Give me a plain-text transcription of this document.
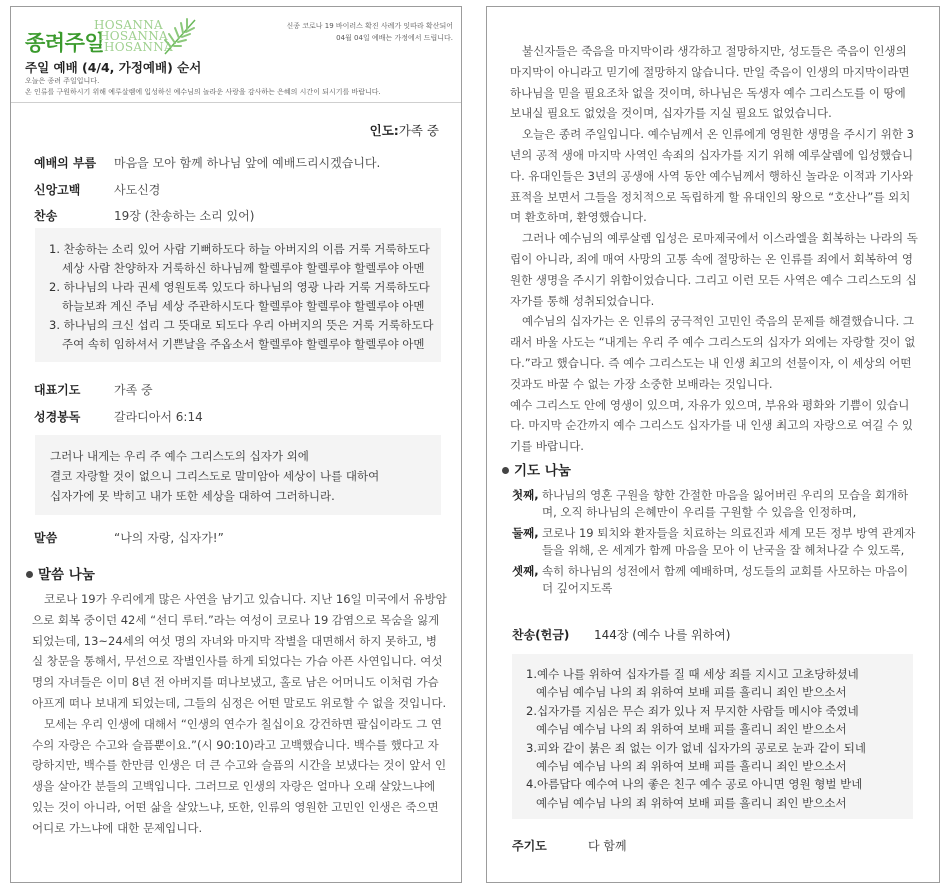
종려주일
HOSANNA
HOSANNA
HOSANNA
신종 코로나 19 바이러스 확진 사례가 잇따라 확산되어
04월 04일 예배는 가정에서 드립니다.
주일 예배 (4/4, 가정예배) 순서
오늘은 종려 주일입니다.
온 인류를 구원하시기 위해 예루살렘에 입성하신 예수님의 놀라운 사랑을 감사하는 은혜의 시간이 되시기를 바랍니다.
인도:가족 중
예배의 부름 마음을 모아 함께 하나님 앞에 예배드리시겠습니다.
신앙고백	사도신경
찬송	19장 (찬송하는 소리 있어)
1. 찬송하는 소리 있어 사람 기뻐하도다 하늘 아버지의 이름 거룩 거룩하도다
세상 사람 찬양하자 거룩하신 하나님께 할렐루야 할렐루야 할렐루야 아멘
2. 하나님의 나라 권세 영원토록 있도다 하나님의 영광 나라 거룩 거룩하도다
하늘보좌 계신 주님 세상 주관하시도다 할렐루야 할렐루야 할렐루야 아멘
3. 하나님의 크신 섭리 그 뜻대로 되도다 우리 아버지의 뜻은 거룩 거룩하도다
주여 속히 임하셔서 기쁜날을 주옵소서 할렐루야 할렐루야 할렐루야 아멘
대표기도	가족 중
성경봉독	갈라디아서 6:14
그러나 내게는 우리 주 예수 그리스도의 십자가 외에
결코 자랑할 것이 없으니 그리스도로 말미암아 세상이 나를 대하여
십자가에 못 박히고 내가 또한 세상을 대하여 그러하니라.
말씀	“나의 자랑, 십자가!”
말씀 나눔

코로나 19가 우리에게 많은 사연을 남기고 있습니다. 지난 16일 미국에서 유방암으로 회복 중이던 42세 “선디 루터.”라는 여성이 코로나 19 감염으로 목숨을 잃게 되었는데, 13~24세의 여섯 명의 자녀와 마지막 작별을 대면해서 하지 못하고, 병실 창문을 통해서, 무선으로 작별인사를 하게 되었다는 가슴 아픈 사연입니다. 여섯 명의 자녀들은 이미 8년 전 아버지를 떠나보냈고, 홀로 남은 어머니도 이처럼 가슴 아프게 떠나 보내게 되었는데, 그들의 심정은 어떤 말로도 위로할 수 없을 것입니다.

모세는 우리 인생에 대해서 “인생의 연수가 칠십이요 강건하면 팔십이라도 그 연수의 자랑은 수고와 슬픔뿐이요.”(시 90:10)라고 고백했습니다. 백수를 했다고 자랑하지만, 백수를 한만큼 인생은 더 큰 수고와 슬픔의 시간을 보냈다는 것이 앞서 인생을 살아간 분들의 고백입니다. 그러므로 인생의 자랑은 얼마나 오래 살았느냐에 있는 것이 아니라, 어떤 삶을 살았느냐, 또한, 인류의 영원한 고민인 인생은 죽으면 어디로 가느냐에 대한 문제입니다.

불신자들은 죽음을 마지막이라 생각하고 절망하지만, 성도들은 죽음이 인생의 마지막이 아니라고 믿기에 절망하지 않습니다. 만일 죽음이 인생의 마지막이라면 하나님을 믿을 필요조차 없을 것이며, 하나님은 독생자 예수 그리스도를 이 땅에 보내실 필요도 없었을 것이며, 십자가를 지실 필요도 없었습니다.

오늘은 종려 주일입니다. 예수님께서 온 인류에게 영원한 생명을 주시기 위한 3년의 공적 생애 마지막 사역인 속죄의 십자가를 지기 위해 예루살렘에 입성했습니다. 유대인들은 3년의 공생애 사역 동안 예수님께서 행하신 놀라운 이적과 기사와 표적을 보면서 그들을 정치적으로 독립하게 할 유대인의 왕으로 “호산나”를 외치며 환호하며, 환영했습니다.

그러나 예수님의 예루살렘 입성은 로마제국에서 이스라엘을 회복하는 나라의 독립이 아니라, 죄에 매여 사망의 고통 속에 절망하는 온 인류를 죄에서 회복하여 영원한 생명을 주시기 위함이었습니다. 그리고 이런 모든 사역은 예수 그리스도의 십자가를 통해 성취되었습니다.

예수님의 십자가는 온 인류의 궁극적인 고민인 죽음의 문제를 해결했습니다. 그래서 바울 사도는 “내게는 우리 주 예수 그리스도의 십자가 외에는 자랑할 것이 없다.”라고 했습니다. 즉 예수 그리스도는 내 인생 최고의 선물이자, 이 세상의 어떤 것과도 바꿀 수 없는 가장 소중한 보배라는 것입니다.

예수 그리스도 안에 영생이 있으며, 자유가 있으며, 부유와 평화와 기쁨이 있습니다. 마지막 순간까지 예수 그리스도 십자가를 내 인생 최고의 자랑으로 여길 수 있기를 바랍니다.

기도 나눔
첫째, 하나님의 영혼 구원을 향한 간절한 마음을 잃어버린 우리의 모습을 회개하며, 오직 하나님의 은혜만이 우리를 구원할 수 있음을 인정하며,
둘째, 코로나 19 퇴치와 환자들을 치료하는 의료진과 세계 모든 정부 방역 관계자들을 위해, 온 세계가 함께 마음을 모아 이 난국을 잘 헤쳐나갈 수 있도록,
셋째, 속히 하나님의 성전에서 함께 예배하며, 성도들의 교회를 사모하는 마음이 더 깊어지도록
찬송(헌금) 144장 (예수 나를 위하여)
1.예수 나를 위하여 십자가를 질 때 세상 죄를 지시고 고초당하셨네
예수님 예수님 나의 죄 위하여 보배 피를 흘리니 죄인 받으소서
2.십자가를 지심은 무슨 죄가 있나 저 무지한 사람들 메시야 죽였네
예수님 예수님 나의 죄 위하여 보배 피를 흘리니 죄인 받으소서
3.피와 같이 붉은 죄 없는 이가 없네 십자가의 공로로 눈과 같이 되네
예수님 예수님 나의 죄 위하여 보배 피를 흘리니 죄인 받으소서
4.아름답다 예수여 나의 좋은 친구 예수 공로 아니면 영원 형벌 받네
예수님 예수님 나의 죄 위하여 보배 피를 흘리니 죄인 받으소서
주기도	다 함께
